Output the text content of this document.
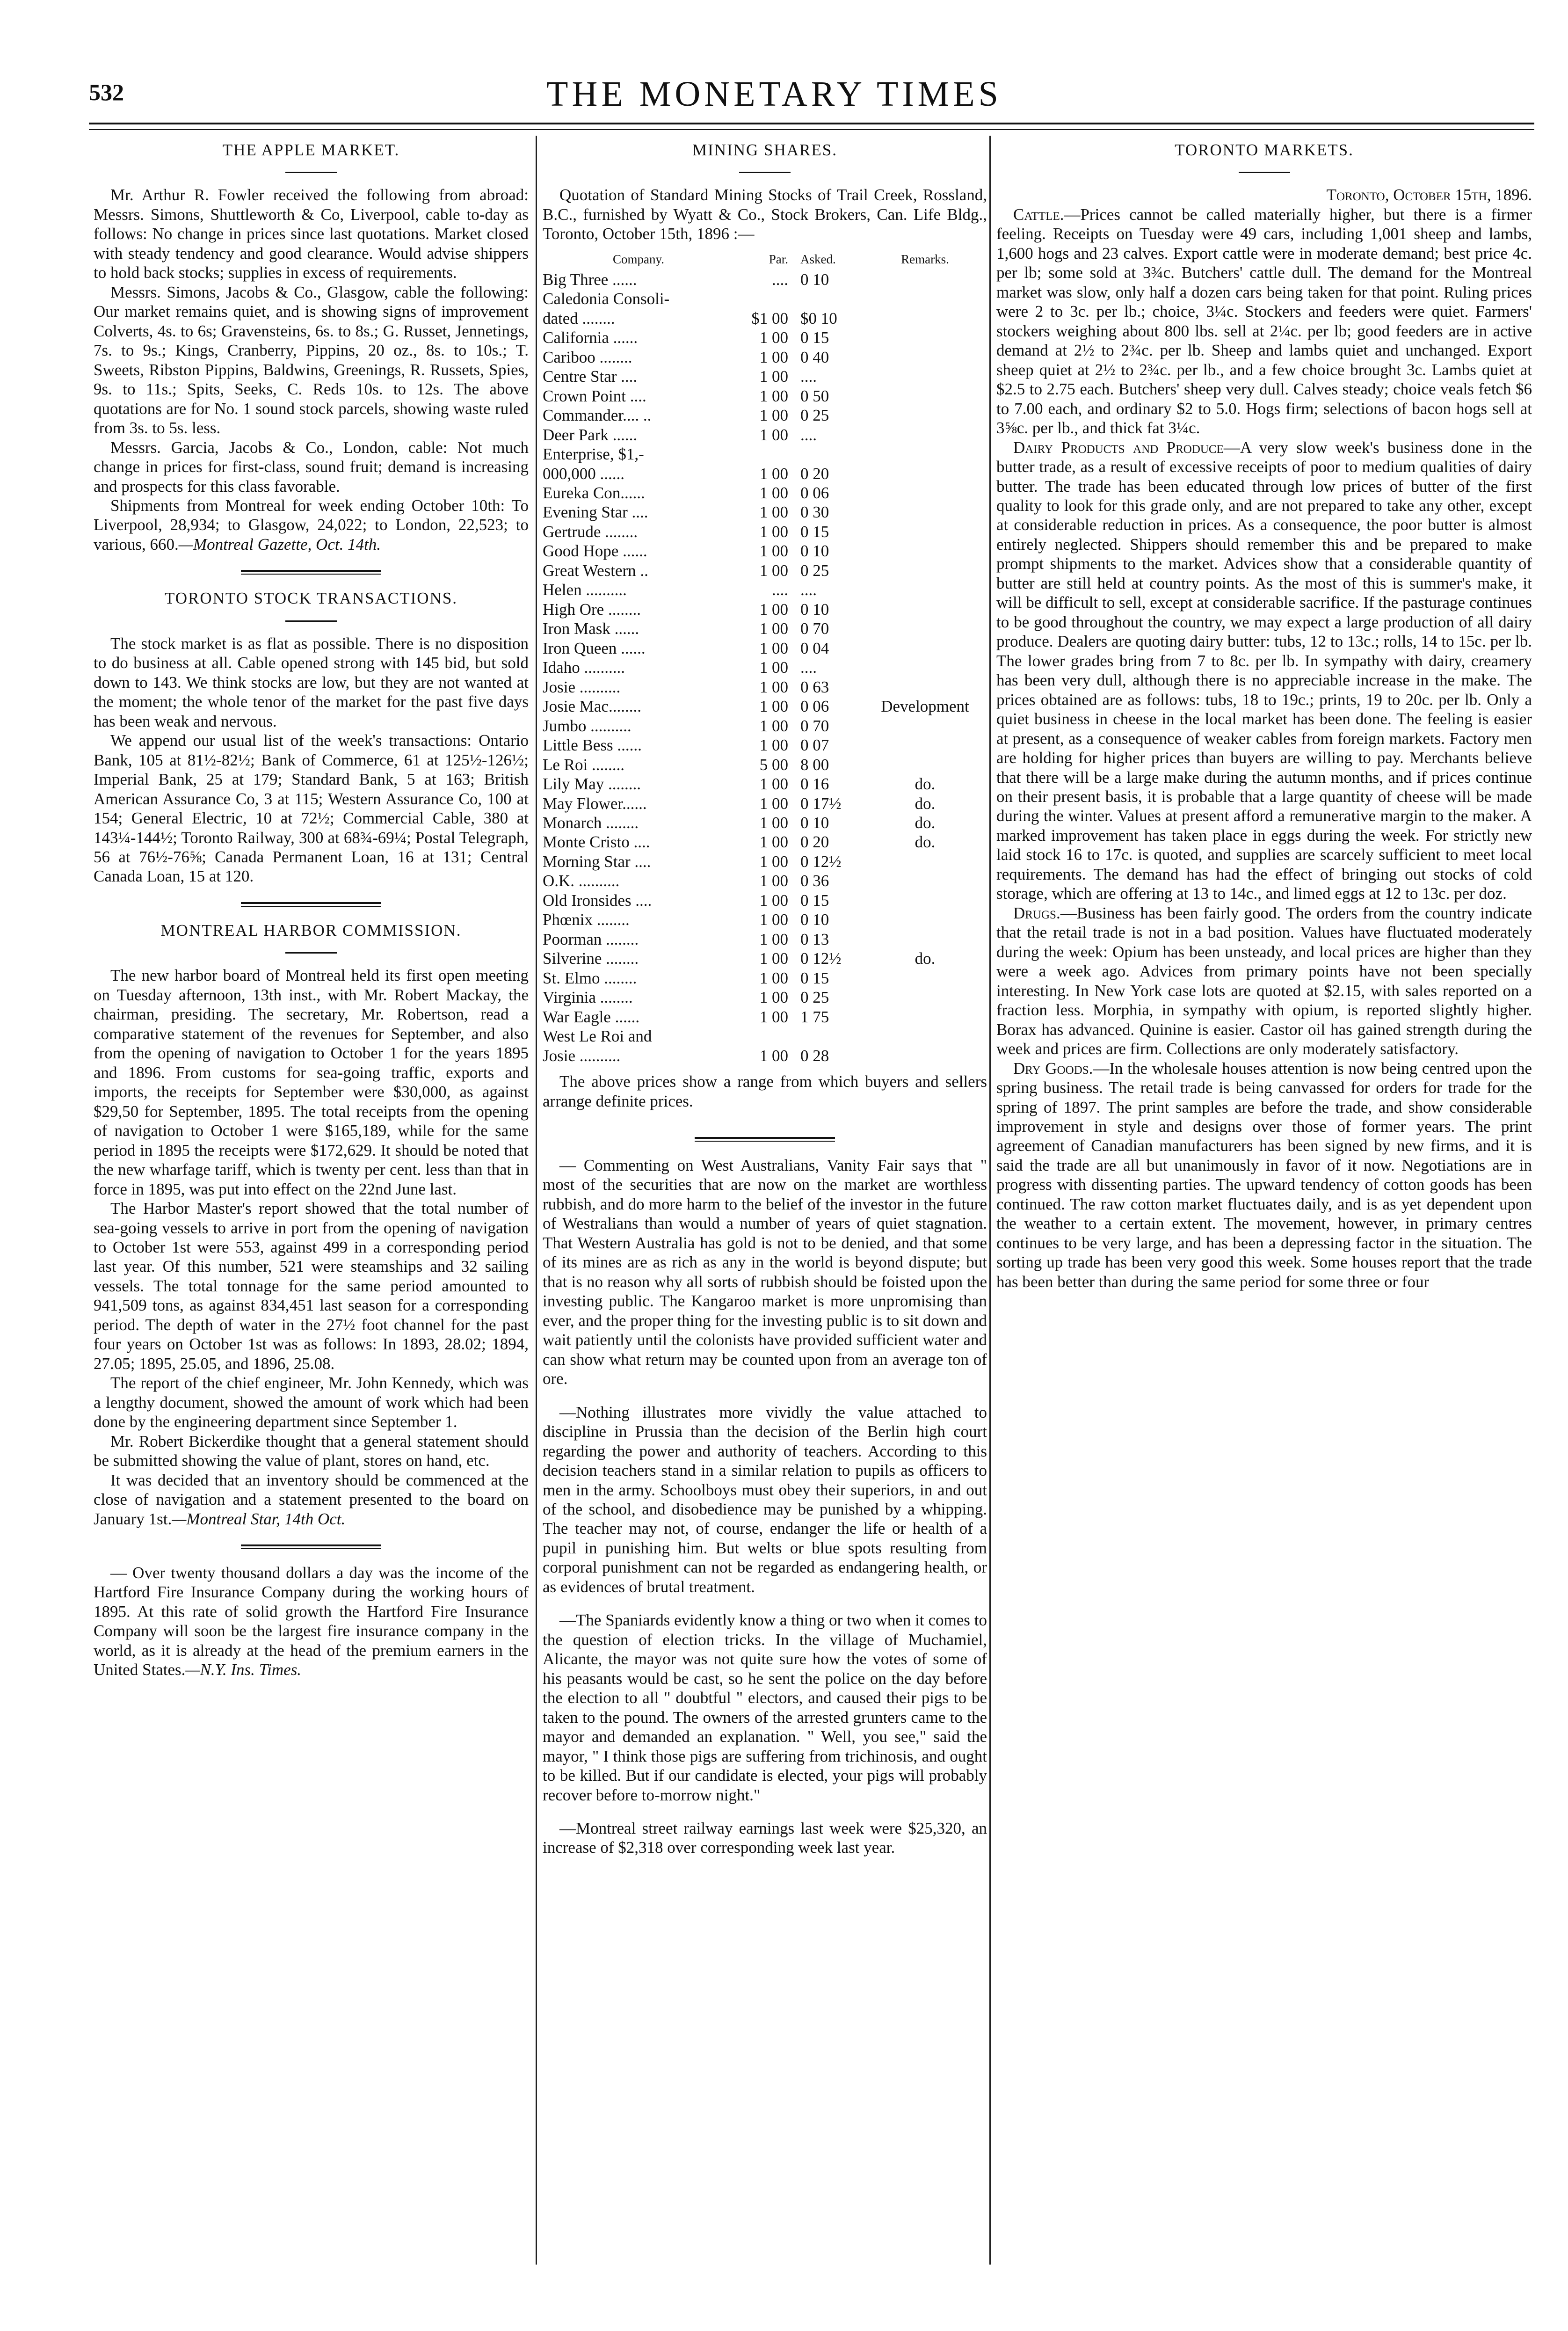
532	THE MONETARY TIMES
THE APPLE MARKET.

Mr. Arthur R. Fowler received the following from abroad: Messrs. Simons, Shuttleworth & Co, Liverpool, cable to-day as follows: No change in prices since last quotations. Market closed with steady tendency and good clearance. Would advise shippers to hold back stocks; supplies in excess of requirements.

Messrs. Simons, Jacobs & Co., Glasgow, cable the following: Our market remains quiet, and is showing signs of improvement Colverts, 4s. to 6s; Gravensteins, 6s. to 8s.; G. Russet, Jennetings, 7s. to 9s.; Kings, Cranberry, Pippins, 20 oz., 8s. to 10s.; T. Sweets, Ribston Pippins, Baldwins, Greenings, R. Russets, Spies, 9s. to 11s.; Spits, Seeks, C. Reds 10s. to 12s. The above quotations are for No. 1 sound stock parcels, showing waste ruled from 3s. to 5s. less.

Messrs. Garcia, Jacobs & Co., London, cable: Not much change in prices for first-class, sound fruit; demand is increasing and prospects for this class favorable.

Shipments from Montreal for week ending October 10th: To Liverpool, 28,934; to Glasgow, 24,022; to London, 22,523; to various, 660.—Montreal Gazette, Oct. 14th.

TORONTO STOCK TRANSACTIONS.

The stock market is as flat as possible. There is no disposition to do business at all. Cable opened strong with 145 bid, but sold down to 143. We think stocks are low, but they are not wanted at the moment; the whole tenor of the market for the past five days has been weak and nervous.

We append our usual list of the week's transactions: Ontario Bank, 105 at 81½-82½; Bank of Commerce, 61 at 125½-126½; Imperial Bank, 25 at 179; Standard Bank, 5 at 163; British American Assurance Co, 3 at 115; Western Assurance Co, 100 at 154; General Electric, 10 at 72½; Commercial Cable, 380 at 143¼-144½; Toronto Railway, 300 at 68¾-69¼; Postal Telegraph, 56 at 76½-76⅝; Canada Permanent Loan, 16 at 131; Central Canada Loan, 15 at 120.

MONTREAL HARBOR COMMISSION.

The new harbor board of Montreal held its first open meeting on Tuesday afternoon, 13th inst., with Mr. Robert Mackay, the chairman, presiding. The secretary, Mr. Robertson, read a comparative statement of the revenues for September, and also from the opening of navigation to October 1 for the years 1895 and 1896. From customs for sea-going traffic, exports and imports, the receipts for September were $30,000, as against $29,50 for September, 1895. The total receipts from the opening of navigation to October 1 were $165,189, while for the same period in 1895 the receipts were $172,629. It should be noted that the new wharfage tariff, which is twenty per cent. less than that in force in 1895, was put into effect on the 22nd June last.

The Harbor Master's report showed that the total number of sea-going vessels to arrive in port from the opening of navigation to October 1st were 553, against 499 in a corresponding period last year. Of this number, 521 were steamships and 32 sailing vessels. The total tonnage for the same period amounted to 941,509 tons, as against 834,451 last season for a corresponding period. The depth of water in the 27½ foot channel for the past four years on October 1st was as follows: In 1893, 28.02; 1894, 27.05; 1895, 25.05, and 1896, 25.08.

The report of the chief engineer, Mr. John Kennedy, which was a lengthy document, showed the amount of work which had been done by the engineering department since September 1.

Mr. Robert Bickerdike thought that a general statement should be submitted showing the value of plant, stores on hand, etc.

It was decided that an inventory should be commenced at the close of navigation and a statement presented to the board on January 1st.—Montreal Star, 14th Oct.

— Over twenty thousand dollars a day was the income of the Hartford Fire Insurance Company during the working hours of 1895. At this rate of solid growth the Hartford Fire Insurance Company will soon be the largest fire insurance company in the world, as it is already at the head of the premium earners in the United States.—N.Y. Ins. Times.

MINING SHARES.

Quotation of Standard Mining Stocks of Trail Creek, Rossland, B.C., furnished by Wyatt & Co., Stock Brokers, Can. Life Bldg., Toronto, October 15th, 1896 :—

Company.	Par.	Asked.	Remarks.
Big Three ......	....	0 10	
Caledonia Consoli-			
dated ........	$1 00	$0 10	
California ......	1 00	0 15	
Cariboo ........	1 00	0 40	
Centre Star ....	1 00	....	
Crown Point ....	1 00	0 50	
Commander.... ..	1 00	0 25	
Deer Park ......	1 00	....	
Enterprise, $1,-			
000,000 ......	1 00	0 20	
Eureka Con......	1 00	0 06	
Evening Star ....	1 00	0 30	
Gertrude ........	1 00	0 15	
Good Hope ......	1 00	0 10	
Great Western ..	1 00	0 25	
Helen ..........	....	....	
High Ore ........	1 00	0 10	
Iron Mask ......	1 00	0 70	
Iron Queen ......	1 00	0 04	
Idaho ..........	1 00	....	
Josie ..........	1 00	0 63	
Josie Mac........	1 00	0 06	Development
Jumbo ..........	1 00	0 70	
Little Bess ......	1 00	0 07	
Le Roi ........	5 00	8 00	
Lily May ........	1 00	0 16	do.
May Flower......	1 00	0 17½	do.
Monarch ........	1 00	0 10	do.
Monte Cristo ....	1 00	0 20	do.
Morning Star ....	1 00	0 12½	
O.K. ..........	1 00	0 36	
Old Ironsides ....	1 00	0 15	
Phœnix ........	1 00	0 10	
Poorman ........	1 00	0 13	
Silverine ........	1 00	0 12½	do.
St. Elmo ........	1 00	0 15	
Virginia ........	1 00	0 25	
War Eagle ......	1 00	1 75	
West Le Roi and			
Josie ..........	1 00	0 28	

The above prices show a range from which buyers and sellers arrange definite prices.

— Commenting on West Australians, Vanity Fair says that " most of the securities that are now on the market are worthless rubbish, and do more harm to the belief of the investor in the future of Westralians than would a number of years of quiet stagnation. That Western Australia has gold is not to be denied, and that some of its mines are as rich as any in the world is beyond dispute; but that is no reason why all sorts of rubbish should be foisted upon the investing public. The Kangaroo market is more unpromising than ever, and the proper thing for the investing public is to sit down and wait patiently until the colonists have provided sufficient water and can show what return may be counted upon from an average ton of ore.

—Nothing illustrates more vividly the value attached to discipline in Prussia than the decision of the Berlin high court regarding the power and authority of teachers. According to this decision teachers stand in a similar relation to pupils as officers to men in the army. Schoolboys must obey their superiors, in and out of the school, and disobedience may be punished by a whipping. The teacher may not, of course, endanger the life or health of a pupil in punishing him. But welts or blue spots resulting from corporal punishment can not be regarded as endangering health, or as evidences of brutal treatment.

—The Spaniards evidently know a thing or two when it comes to the question of election tricks. In the village of Muchamiel, Alicante, the mayor was not quite sure how the votes of some of his peasants would be cast, so he sent the police on the day before the election to all " doubtful " electors, and caused their pigs to be taken to the pound. The owners of the arrested grunters came to the mayor and demanded an explanation. " Well, you see," said the mayor, " I think those pigs are suffering from trichinosis, and ought to be killed. But if our candidate is elected, your pigs will probably recover before to-morrow night."

—Montreal street railway earnings last week were $25,320, an increase of $2,318 over corresponding week last year.

TORONTO MARKETS.

Toronto, October 15th, 1896.

Cattle.—Prices cannot be called materially higher, but there is a firmer feeling. Receipts on Tuesday were 49 cars, including 1,001 sheep and lambs, 1,600 hogs and 23 calves. Export cattle were in moderate demand; best price 4c. per lb; some sold at 3¾c. Butchers' cattle dull. The demand for the Montreal market was slow, only half a dozen cars being taken for that point. Ruling prices were 2 to 3c. per lb.; choice, 3¼c. Stockers and feeders were quiet. Farmers' stockers weighing about 800 lbs. sell at 2¼c. per lb; good feeders are in active demand at 2½ to 2¾c. per lb. Sheep and lambs quiet and unchanged. Export sheep quiet at 2½ to 2¾c. per lb., and a few choice brought 3c. Lambs quiet at $2.5 to 2.75 each. Butchers' sheep very dull. Calves steady; choice veals fetch $6 to 7.00 each, and ordinary $2 to 5.0. Hogs firm; selections of bacon hogs sell at 3⅝c. per lb., and thick fat 3¼c.

Dairy Products and Produce—A very slow week's business done in the butter trade, as a result of excessive receipts of poor to medium qualities of dairy butter. The trade has been educated through low prices of butter of the first quality to look for this grade only, and are not prepared to take any other, except at considerable reduction in prices. As a consequence, the poor butter is almost entirely neglected. Shippers should remember this and be prepared to make prompt shipments to the market. Advices show that a considerable quantity of butter are still held at country points. As the most of this is summer's make, it will be difficult to sell, except at considerable sacrifice. If the pasturage continues to be good throughout the country, we may expect a large production of all dairy produce. Dealers are quoting dairy butter: tubs, 12 to 13c.; rolls, 14 to 15c. per lb. The lower grades bring from 7 to 8c. per lb. In sympathy with dairy, creamery has been very dull, although there is no appreciable increase in the make. The prices obtained are as follows: tubs, 18 to 19c.; prints, 19 to 20c. per lb. Only a quiet business in cheese in the local market has been done. The feeling is easier at present, as a consequence of weaker cables from foreign markets. Factory men are holding for higher prices than buyers are willing to pay. Merchants believe that there will be a large make during the autumn months, and if prices continue on their present basis, it is probable that a large quantity of cheese will be made during the winter. Values at present afford a remunerative margin to the maker. A marked improvement has taken place in eggs during the week. For strictly new laid stock 16 to 17c. is quoted, and supplies are scarcely sufficient to meet local requirements. The demand has had the effect of bringing out stocks of cold storage, which are offering at 13 to 14c., and limed eggs at 12 to 13c. per doz.

Drugs.—Business has been fairly good. The orders from the country indicate that the retail trade is not in a bad position. Values have fluctuated moderately during the week: Opium has been unsteady, and local prices are higher than they were a week ago. Advices from primary points have not been specially interesting. In New York case lots are quoted at $2.15, with sales reported on a fraction less. Morphia, in sympathy with opium, is reported slightly higher. Borax has advanced. Quinine is easier. Castor oil has gained strength during the week and prices are firm. Collections are only moderately satisfactory.

Dry Goods.—In the wholesale houses attention is now being centred upon the spring business. The retail trade is being canvassed for orders for trade for the spring of 1897. The print samples are before the trade, and show considerable improvement in style and designs over those of former years. The print agreement of Canadian manufacturers has been signed by new firms, and it is said the trade are all but unanimously in favor of it now. Negotiations are in progress with dissenting parties. The upward tendency of cotton goods has been continued. The raw cotton market fluctuates daily, and is as yet dependent upon the weather to a certain extent. The movement, however, in primary centres continues to be very large, and has been a depressing factor in the situation. The sorting up trade has been very good this week. Some houses report that the trade has been better than during the same period for some three or four
